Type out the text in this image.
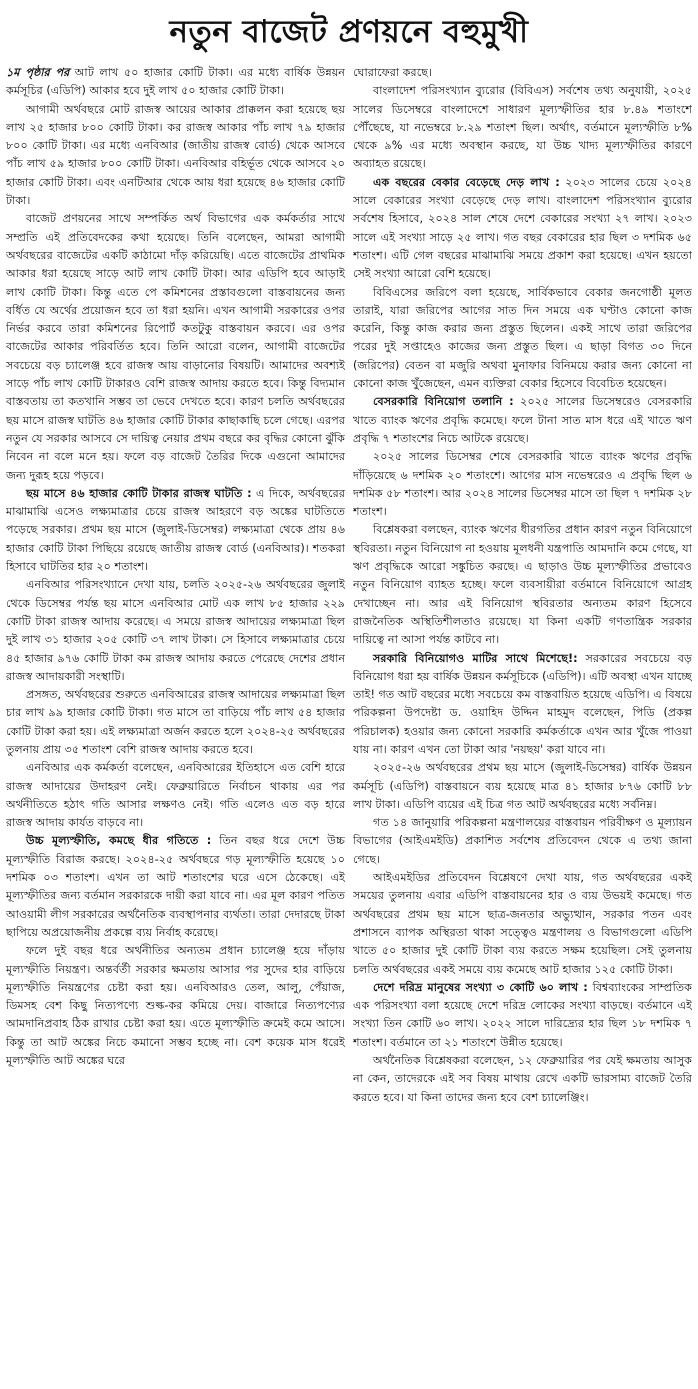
নতুন বাজেট প্রণয়নে বহুমুখী

১ম পৃষ্ঠার পর আট লাখ ৫০ হাজার কোটি টাকা। এর মধ্যে বার্ষিক উন্নয়ন কর্মসূচির (এডিপি) আকার হবে দুই লাখ ৫০ হাজার কোটি টাকা।

আগামী অর্থবছরে মোট রাজস্ব আয়ের আকার প্রাক্কলন করা হয়েছে ছয় লাখ ২৫ হাজার ৮০০ কোটি টাকা। কর রাজস্ব আকার পাঁচ লাখ ৭৯ হাজার ৮০০ কোটি টাকা। এর মধ্যে এনবিআর (জাতীয় রাজস্ব বোর্ড) থেকে আসবে পাঁচ লাখ ৫৯ হাজার ৮০০ কোটি টাকা। এনবিআর বহির্ভূত থেকে আসবে ২০ হাজার কোটি টাকা। এবং এনটিআর থেকে আয় ধরা হয়েছে ৪৬ হাজার কোটি টাকা।

বাজেট প্রণয়নের সাথে সম্পর্কিত অর্থ বিভাগের এক কর্মকর্তার সাথে সম্প্রতি এই প্রতিবেদকের কথা হয়েছে। তিনি বলেছেন, আমরা আগামী অর্থবছরের বাজেটের একটি কাঠামো দাঁড় করিয়েছি। এতে বাজেটের প্রাথমিক আকার ধরা হয়েছে সাড়ে আট লাখ কোটি টাকা। আর এডিপি হবে আড়াই লাখ কোটি টাকা। কিন্তু এতে পে কমিশনের প্রস্তাবগুলো বাস্তবায়নের জন্য বর্ধিত যে অর্থের প্রয়োজন হবে তা ধরা হয়নি। এখন আগামী সরকারের ওপর নির্ভর করবে তারা কমিশনের রিপোর্ট কতটুকু বাস্তবায়ন করবে। এর ওপর বাজেটের আকার পরিবর্তিত হবে। তিনি আরো বলেন, আগামী বাজেটের সবচেয়ে বড় চ্যালেঞ্জ হবে রাজস্ব আয় বাড়ানোর বিষয়টি। আমাদের অবশ্যই সাড়ে পাঁচ লাখ কোটি টাকারও বেশি রাজস্ব আদায় করতে হবে। কিন্তু বিদ্যমান বাস্তবতায় তা কতখানি সম্ভব তা ভেবে দেখতে হবে। কারণ চলতি অর্থবছরের ছয় মাসে রাজস্ব ঘাটতি ৪৬ হাজার কোটি টাকার কাছাকাছি চলে গেছে। এরপর নতুন যে সরকার আসবে সে দায়িত্ব নেয়ার প্রথম বছরে কর বৃদ্ধির কোনো ঝুঁকি নিবেন না বলে মনে হয়। ফলে বড় বাজেট তৈরির দিকে এগুনো আমাদের জন্য দুরূহ হয়ে পড়বে।

ছয় মাসে ৪৬ হাজার কোটি টাকার রাজস্ব ঘাটতি : এ দিকে, অর্থবছরের মাঝামাঝি এসেও লক্ষ্যমাত্রার চেয়ে রাজস্ব আহরণে বড় অঙ্কের ঘাটতিতে পড়েছে সরকার। প্রথম ছয় মাসে (জুলাই-ডিসেম্বর) লক্ষ্যমাত্রা থেকে প্রায় ৪৬ হাজার কোটি টাকা পিছিয়ে রয়েছে জাতীয় রাজস্ব বোর্ড (এনবিআর)। শতকরা হিসাবে ঘাটতির হার ২০ শতাংশ।

এনবিআর পরিসংখ্যানে দেখা যায়, চলতি ২০২৫-২৬ অর্থবছরের জুলাই থেকে ডিসেম্বর পর্যন্ত ছয় মাসে এনবিআর মোট এক লাখ ৮৫ হাজার ২২৯ কোটি টাকা রাজস্ব আদায় করেছে। এ সময়ে রাজস্ব আদায়ের লক্ষ্যমাত্রা ছিল দুই লাখ ৩১ হাজার ২০৫ কোটি ৩৭ লাখ টাকা। সে হিসাবে লক্ষ্যমাত্রার চেয়ে ৪৫ হাজার ৯৭৬ কোটি টাকা কম রাজস্ব আদায় করতে পেরেছে দেশের প্রধান রাজস্ব আদায়কারী সংস্থাটি।

প্রসঙ্গত, অর্থবছরের শুরুতে এনবিআরের রাজস্ব আদায়ের লক্ষ্যমাত্রা ছিল চার লাখ ৯৯ হাজার কোটি টাকা। গত মাসে তা বাড়িয়ে পাঁচ লাখ ৫৪ হাজার কোটি টাকা করা হয়। এই লক্ষ্যমাত্রা অর্জন করতে হলে ২০২৪-২৫ অর্থবছরের তুলনায় প্রায় ৩৫ শতাংশ বেশি রাজস্ব আদায় করতে হবে।

এনবিআর এক কর্মকর্তা বলেছেন, এনবিআরের ইতিহাসে এত বেশি হারে রাজস্ব আদায়ের উদাহরণ নেই। ফেব্রুয়ারিতে নির্বাচন থাকায় এর পর অর্থনীতিতে হঠাৎ গতি আসার লক্ষণও নেই। গতি এলেও এত বড় হারে রাজস্ব আদায় কার্যত বাড়বে না।

উচ্চ মূল্যস্ফীতি, কমছে ধীর গতিতে : তিন বছর ধরে দেশে উচ্চ মূল্যস্ফীতি বিরাজ করছে। ২০২৪-২৫ অর্থবছরে গড় মূল্যস্ফীতি হয়েছে ১০ দশমিক ০৩ শতাংশ। এখন তা আট শতাংশের ঘরে এসে ঠেকেছে। এই মূল্যস্ফীতির জন্য বর্তমান সরকারকে দায়ী করা যাবে না। এর মূল কারণ পতিত আওয়ামী লীগ সরকারের অর্থনৈতিক ব্যবস্থাপনার ব্যর্থতা। তারা দেদারছে টাকা ছাপিয়ে অপ্রয়োজনীয় প্রকল্পে ব্যয় নির্বাহ করেছে।

ফলে দুই বছর ধরে অর্থনীতির অন্যতম প্রধান চ্যালেঞ্জ হয়ে দাঁড়ায় মূল্যস্ফীতি নিয়ন্ত্রণ। অন্তর্বর্তী সরকার ক্ষমতায় আসার পর সুদের হার বাড়িয়ে মূল্যস্ফীতি নিয়ন্ত্রণের চেষ্টা করা হয়। এনবিআরও তেল, আলু, পেঁয়াজ, ডিমসহ বেশ কিছু নিত্যপণ্যে শুল্ক-কর কমিয়ে দেয়। বাজারে নিত্যপণ্যের আমদানিপ্রবাহ ঠিক রাখার চেষ্টা করা হয়। এতে মূল্যস্ফীতি ক্রমেই কমে আসে। কিন্তু তা আট অঙ্কের নিচে কমানো সম্ভব হচ্ছে না। বেশ কয়েক মাস ধরেই মূল্যস্ফীতি আট অঙ্কের ঘরে

ঘোরাফেরা করছে।

বাংলাদেশ পরিসংখ্যান ব্যুরোর (বিবিএস) সর্বশেষ তথ্য অনুযায়ী, ২০২৫ সালের ডিসেম্বরে বাংলাদেশে সাধারণ মূল্যস্ফীতির হার ৮.৪৯ শতাংশে পৌঁছেছে, যা নভেম্বরে ৮.২৯ শতাংশ ছিল। অর্থাৎ, বর্তমানে মূল্যস্ফীতি ৮% থেকে ৯% এর মধ্যে অবস্থান করছে, যা উচ্চ খাদ্য মূল্যস্ফীতির কারণে অব্যাহত রয়েছে।

এক বছরের বেকার বেড়েছে দেড় লাখ : ২০২৩ সালের চেয়ে ২০২৪ সালে বেকারের সংখ্যা বেড়েছে দেড় লাখ। বাংলাদেশ পরিসংখ্যান ব্যুরোর সর্বশেষ হিসাবে, ২০২৪ সাল শেষে দেশে বেকারের সংখ্যা ২৭ লাখ। ২০২৩ সালে এই সংখ্যা সাড়ে ২৫ লাখ। গত বছর বেকারের হার ছিল ৩ দশমিক ৬৫ শতাংশ। এটি গেল বছরের মাঝামাঝি সময়ে প্রকাশ করা হয়েছে। এখন হয়তো সেই সংখ্যা আরো বেশি হয়েছে।

বিবিএসের জরিপে বলা হয়েছে, সার্বিকভাবে বেকার জনগোষ্ঠী মূলত তারাই, যারা জরিপের আগের সাত দিন সময়ে এক ঘণ্টাও কোনো কাজ করেনি, কিন্তু কাজ করার জন্য প্রস্তুত ছিলেন। একই সাথে তারা জরিপের পরের দুই সপ্তাহেও কাজের জন্য প্রস্তুত ছিল। এ ছাড়া বিগত ৩০ দিনে (জরিপের) বেতন বা মজুরি অথবা মুনাফার বিনিময়ে করার জন্য কোনো না কোনো কাজ খুঁজেছেন, এমন ব্যক্তিরা বেকার হিসেবে বিবেচিত হয়েছেন।

বেসরকারি বিনিয়োগ তলানি : ২০২৫ সালের ডিসেম্বরেও বেসরকারি খাতে ব্যাংক ঋণের প্রবৃদ্ধি কমেছে। ফলে টানা সাত মাস ধরে এই খাতে ঋণ প্রবৃদ্ধি ৭ শতাংশের নিচে আটকে রয়েছে।

২০২৫ সালের ডিসেম্বর শেষে বেসরকারি খাতে ব্যাংক ঋণের প্রবৃদ্ধি দাঁড়িয়েছে ৬ দশমিক ২০ শতাংশে। আগের মাস নভেম্বরেও এ প্রবৃদ্ধি ছিল ৬ দশমিক ৫৮ শতাংশ। আর ২০২৪ সালের ডিসেম্বর মাসে তা ছিল ৭ দশমিক ২৮ শতাংশ।

বিশ্লেষকরা বলছেন, ব্যাংক ঋণের ধীরগতির প্রধান কারণ নতুন বিনিয়োগে স্থবিরতা। নতুন বিনিয়োগ না হওয়ায় মূলধনী যন্ত্রপাতি আমদানি কমে গেছে, যা ঋণ প্রবৃদ্ধিকে আরো সঙ্কুচিত করছে। এ ছাড়াও উচ্চ মূল্যস্ফীতির প্রভাবেও নতুন বিনিয়োগ ব্যাহত হচ্ছে। ফলে ব্যবসায়ীরা বর্তমানে বিনিয়োগে আগ্রহ দেখাচ্ছেন না। আর এই বিনিয়োগ স্থবিরতার অন্যতম কারণ হিসেবে রাজনৈতিক অস্থিতিশীলতাও রয়েছে। যা কিনা একটি গণতান্ত্রিক সরকার দায়িত্বে না আসা পর্যন্ত কাটবে না।

সরকারি বিনিয়োগও মাটির সাথে মিশেছে!: সরকারের সবচেয়ে বড় বিনিয়োগ ধরা হয় বার্ষিক উন্নয়ন কর্মসূচিকে (এডিপি)। এটি অবস্থা এখন যাচ্ছে তাই! গত আট বছরের মধ্যে সবচেয়ে কম বাস্তবায়িত হয়েছে এডিপি। এ বিষয়ে পরিকল্পনা উপদেষ্টা ড. ওয়াহিদ উদ্দিন মাহমুদ বলেছেন, পিডি (প্রকল্প পরিচালক) হওয়ার জন্য কোনো সরকারি কর্মকর্তাকে এখন আর খুঁজে পাওয়া যায় না। কারণ এখন তো টাকা আর 'নয়ছয়' করা যাবে না।

২০২৫-২৬ অর্থবছরের প্রথম ছয় মাসে (জুলাই-ডিসেম্বর) বার্ষিক উন্নয়ন কর্মসূচি (এডিপি) বাস্তবায়নে ব্যয় হয়েছে মাত্র ৪১ হাজার ৮৭৬ কোটি ৮৮ লাখ টাকা। এডিপি ব্যয়ের এই চিত্র গত আট অর্থবছরের মধ্যে সর্বনিম্ন।

গত ১৪ জানুয়ারি পরিকল্পনা মন্ত্রণালয়ের বাস্তবায়ন পরিবীক্ষণ ও মূল্যায়ন বিভাগের (আইএমইডি) প্রকাশিত সর্বশেষ প্রতিবেদন থেকে এ তথ্য জানা গেছে।

আইএমইডির প্রতিবেদন বিশ্লেষণে দেখা যায়, গত অর্থবছরের একই সময়ের তুলনায় এবার এডিপি বাস্তবায়নের হার ও ব্যয় উভয়ই কমেছে। গত অর্থবছরের প্রথম ছয় মাসে ছাত্র-জনতার অভ্যুত্থান, সরকার পতন এবং প্রশাসনে ব্যাপক অস্থিরতা থাকা সত্ত্বেও মন্ত্রণালয় ও বিভাগগুলো এডিপি খাতে ৫০ হাজার দুই কোটি টাকা ব্যয় করতে সক্ষম হয়েছিল। সেই তুলনায় চলতি অর্থবছরের একই সময়ে ব্যয় কমেছে আট হাজার ১২৫ কোটি টাকা।

দেশে দরিদ্র মানুষের সংখ্যা ৩ কোটি ৬০ লাখ : বিশ্বব্যাংকের সাম্প্রতিক এক পরিসংখ্যা বলা হয়েছে দেশে দরিদ্র লোকের সংখ্যা বাড়ছে। বর্তমানে এই সংখ্যা তিন কোটি ৬০ লাখ। ২০২২ সালে দারিদ্র্যের হার ছিল ১৮ দশমিক ৭ শতাংশ। বর্তমানে তা ২১ শতাংশে উন্নীত হয়েছে।

অর্থনৈতিক বিশ্লেষকরা বলেছেন, ১২ ফেব্রুয়ারির পর যেই ক্ষমতায় আসুক না কেন, তাদেরকে এই সব বিষয় মাথায় রেখে একটি ভারসাম্য বাজেট তৈরি করতে হবে। যা কিনা তাদের জন্য হবে বেশ চ্যালেঞ্জিং।
